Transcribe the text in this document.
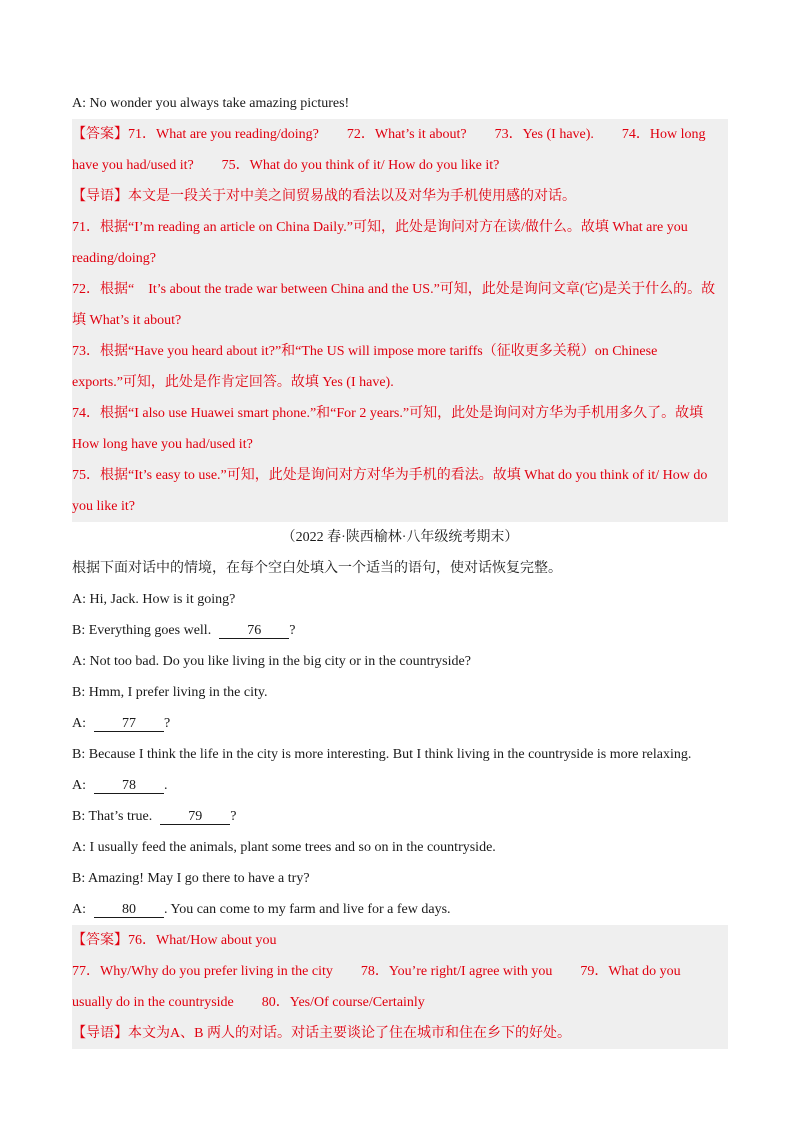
A: No wonder you always take amazing pictures!
【答案】71．What are you reading/doing?　　72．What’s it about?　　73．Yes (I have).　　74．How long
have you had/used it?　　75．What do you think of it/ How do you like it?
【导语】本文是一段关于对中美之间贸易战的看法以及对华为手机使用感的对话。
71．根据“I’m reading an article on China Daily.”可知，此处是询问对方在读/做什么。故填 What are you
reading/doing?
72．根据“　It’s about the trade war between China and the US.”可知，此处是询问文章(它)是关于什么的。故
填 What’s it about?
73．根据“Have you heard about it?”和“The US will impose more tariffs（征收更多关税）on Chinese
exports.”可知，此处是作肯定回答。故填 Yes (I have).
74．根据“I also use Huawei smart phone.”和“For 2 years.”可知，此处是询问对方华为手机用多久了。故填
How long have you had/used it?
75．根据“It’s easy to use.”可知，此处是询问对方对华为手机的看法。故填 What do you think of it/ How do
you like it?
（2022 春·陕西榆林·八年级统考期末）
根据下面对话中的情境，在每个空白处填入一个适当的语句，使对话恢复完整。
A: Hi, Jack. How is it going?
B: Everything goes well.	76 ?
A: Not too bad. Do you like living in the big city or in the countryside?
B: Hmm, I prefer living in the city.
A:	77 ?
B: Because I think the life in the city is more interesting. But I think living in the countryside is more relaxing.
A:	78 .
B: That’s true.	79 ?
A: I usually feed the animals, plant some trees and so on in the countryside.
B: Amazing! May I go there to have a try?
A:	80 . You can come to my farm and live for a few days.
【答案】76．What/How about you
77．Why/Why do you prefer living in the city　　78．You’re right/I agree with you　　79．What do you
usually do in the countryside　　80．Yes/Of course/Certainly
【导语】本文为A、B 两人的对话。对话主要谈论了住在城市和住在乡下的好处。
